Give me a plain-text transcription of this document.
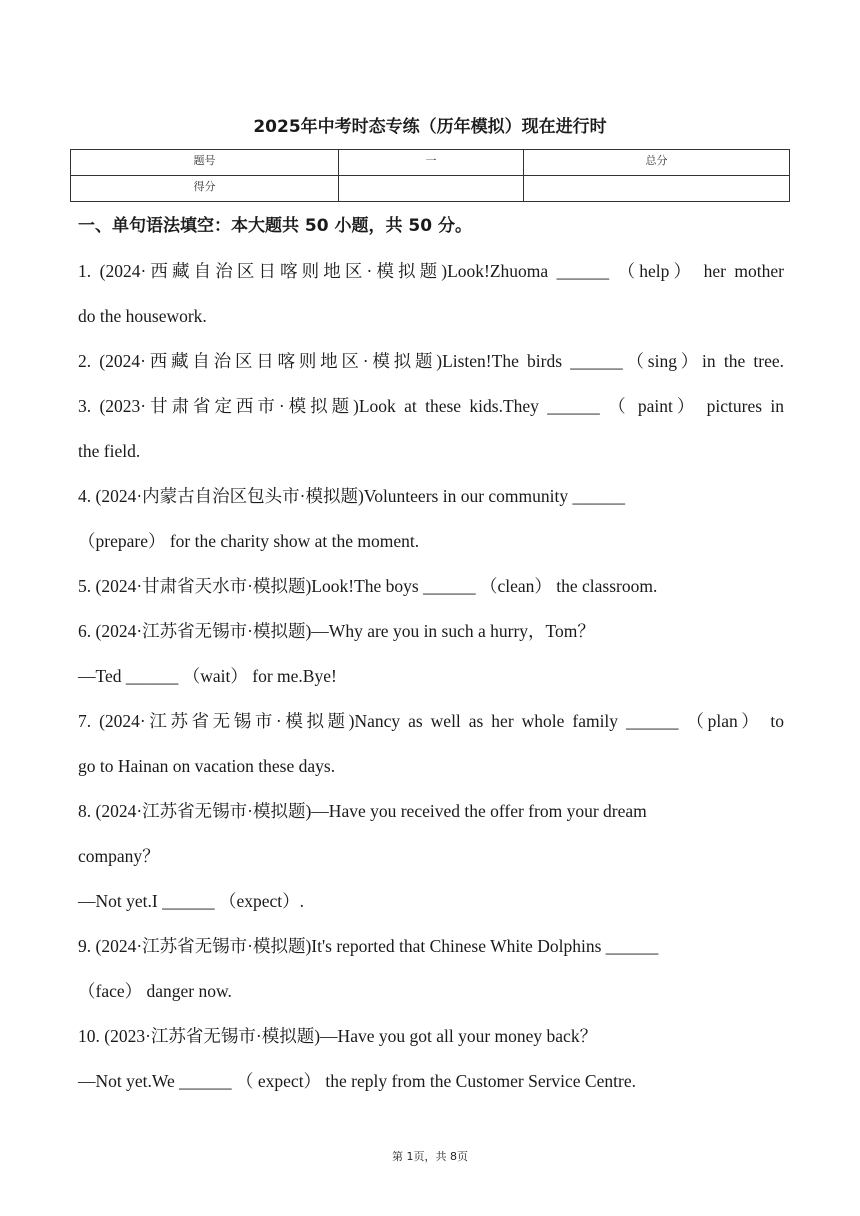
2025年中考时态专练（历年模拟）现在进行时
题号	一	总分

得分		

一、单句语法填空：本大题共 50 小题，共 50 分。
1. (2024·西藏自治区日喀则地区·模拟题)Look!Zhuoma ______ （help） her mother
do the housework.
2. (2024·西藏自治区日喀则地区·模拟题)Listen!The birds ______（sing）in the tree.
3. (2023·甘肃省定西市·模拟题)Look at these kids.They ______ （ paint） pictures in
the field.
4. (2024·内蒙古自治区包头市·模拟题)Volunteers in our community ______
（prepare） for the charity show at the moment.
5. (2024·甘肃省天水市·模拟题)Look!The boys ______ （clean） the classroom.
6. (2024·江苏省无锡市·模拟题)—Why are you in such a hurry，Tom？
—Ted ______ （wait） for me.Bye!
7. (2024·江苏省无锡市·模拟题)Nancy as well as her whole family ______ （plan） to
go to Hainan on vacation these days.
8. (2024·江苏省无锡市·模拟题)—Have you received the offer from your dream
company？
—Not yet.I ______ （expect）.
9. (2024·江苏省无锡市·模拟题)It's reported that Chinese White Dolphins ______
（face） danger now.
10. (2023·江苏省无锡市·模拟题)—Have you got all your money back？
—Not yet.We ______ （ expect） the reply from the Customer Service Centre.
第 1页，共 8页
